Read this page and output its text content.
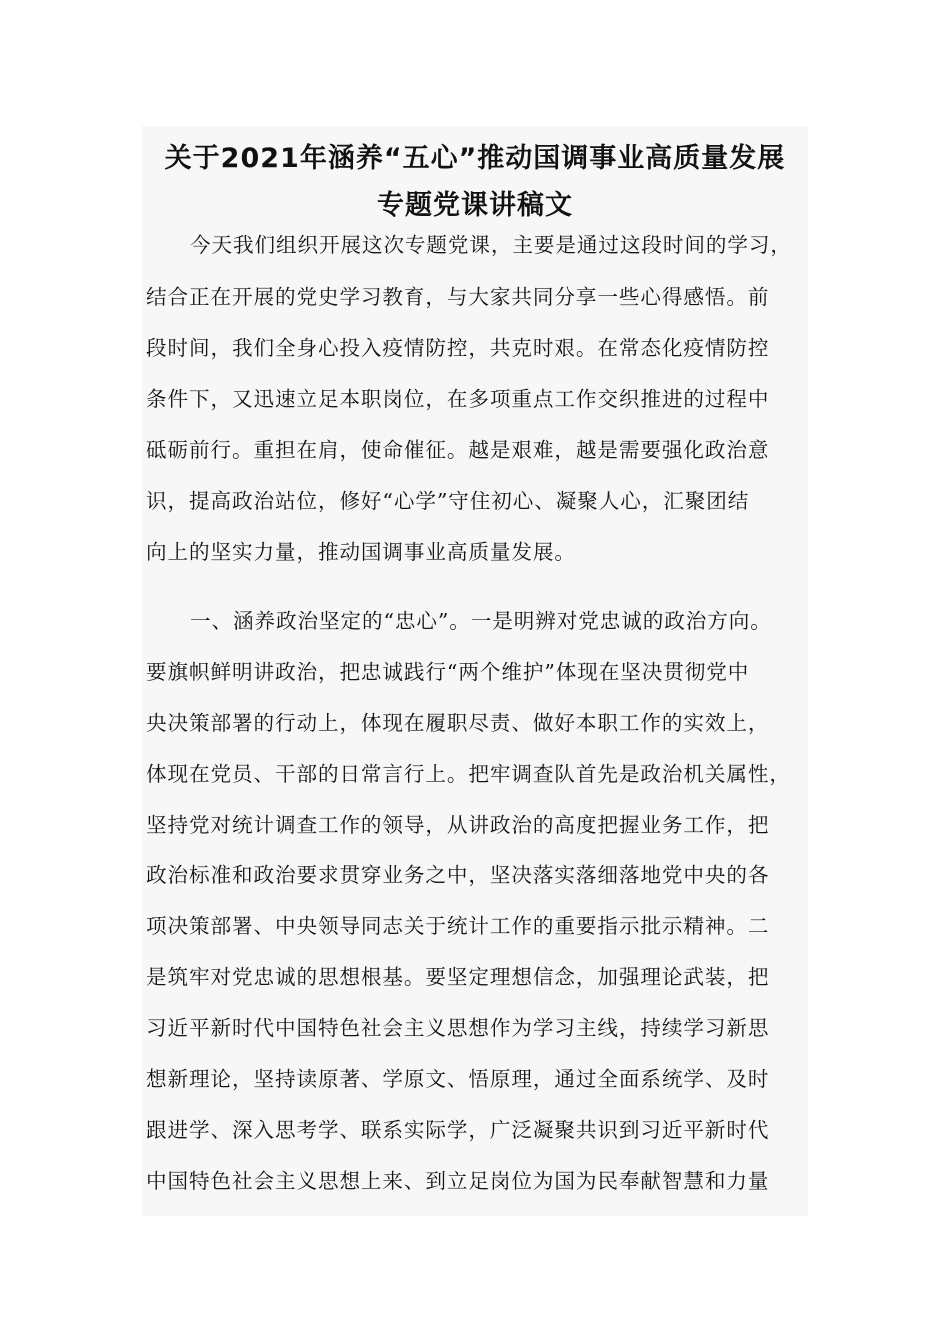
关于2021年涵养“五心”推动国调事业高质量发展
专题党课讲稿文
今天我们组织开展这次专题党课，主要是通过这段时间的学习，
结合正在开展的党史学习教育，与大家共同分享一些心得感悟。前
段时间，我们全身心投入疫情防控，共克时艰。在常态化疫情防控
条件下，又迅速立足本职岗位，在多项重点工作交织推进的过程中
砥砺前行。重担在肩，使命催征。越是艰难，越是需要强化政治意
识，提高政治站位，修好“心学”守住初心、凝聚人心，汇聚团结
向上的坚实力量，推动国调事业高质量发展。
一、涵养政治坚定的“忠心”。一是明辨对党忠诚的政治方向。
要旗帜鲜明讲政治，把忠诚践行“两个维护”体现在坚决贯彻党中
央决策部署的行动上，体现在履职尽责、做好本职工作的实效上，
体现在党员、干部的日常言行上。把牢调查队首先是政治机关属性，
坚持党对统计调查工作的领导，从讲政治的高度把握业务工作，把
政治标准和政治要求贯穿业务之中，坚决落实落细落地党中央的各
项决策部署、中央领导同志关于统计工作的重要指示批示精神。二
是筑牢对党忠诚的思想根基。要坚定理想信念，加强理论武装，把
习近平新时代中国特色社会主义思想作为学习主线，持续学习新思
想新理论，坚持读原著、学原文、悟原理，通过全面系统学、及时
跟进学、深入思考学、联系实际学，广泛凝聚共识到习近平新时代
中国特色社会主义思想上来、到立足岗位为国为民奉献智慧和力量
